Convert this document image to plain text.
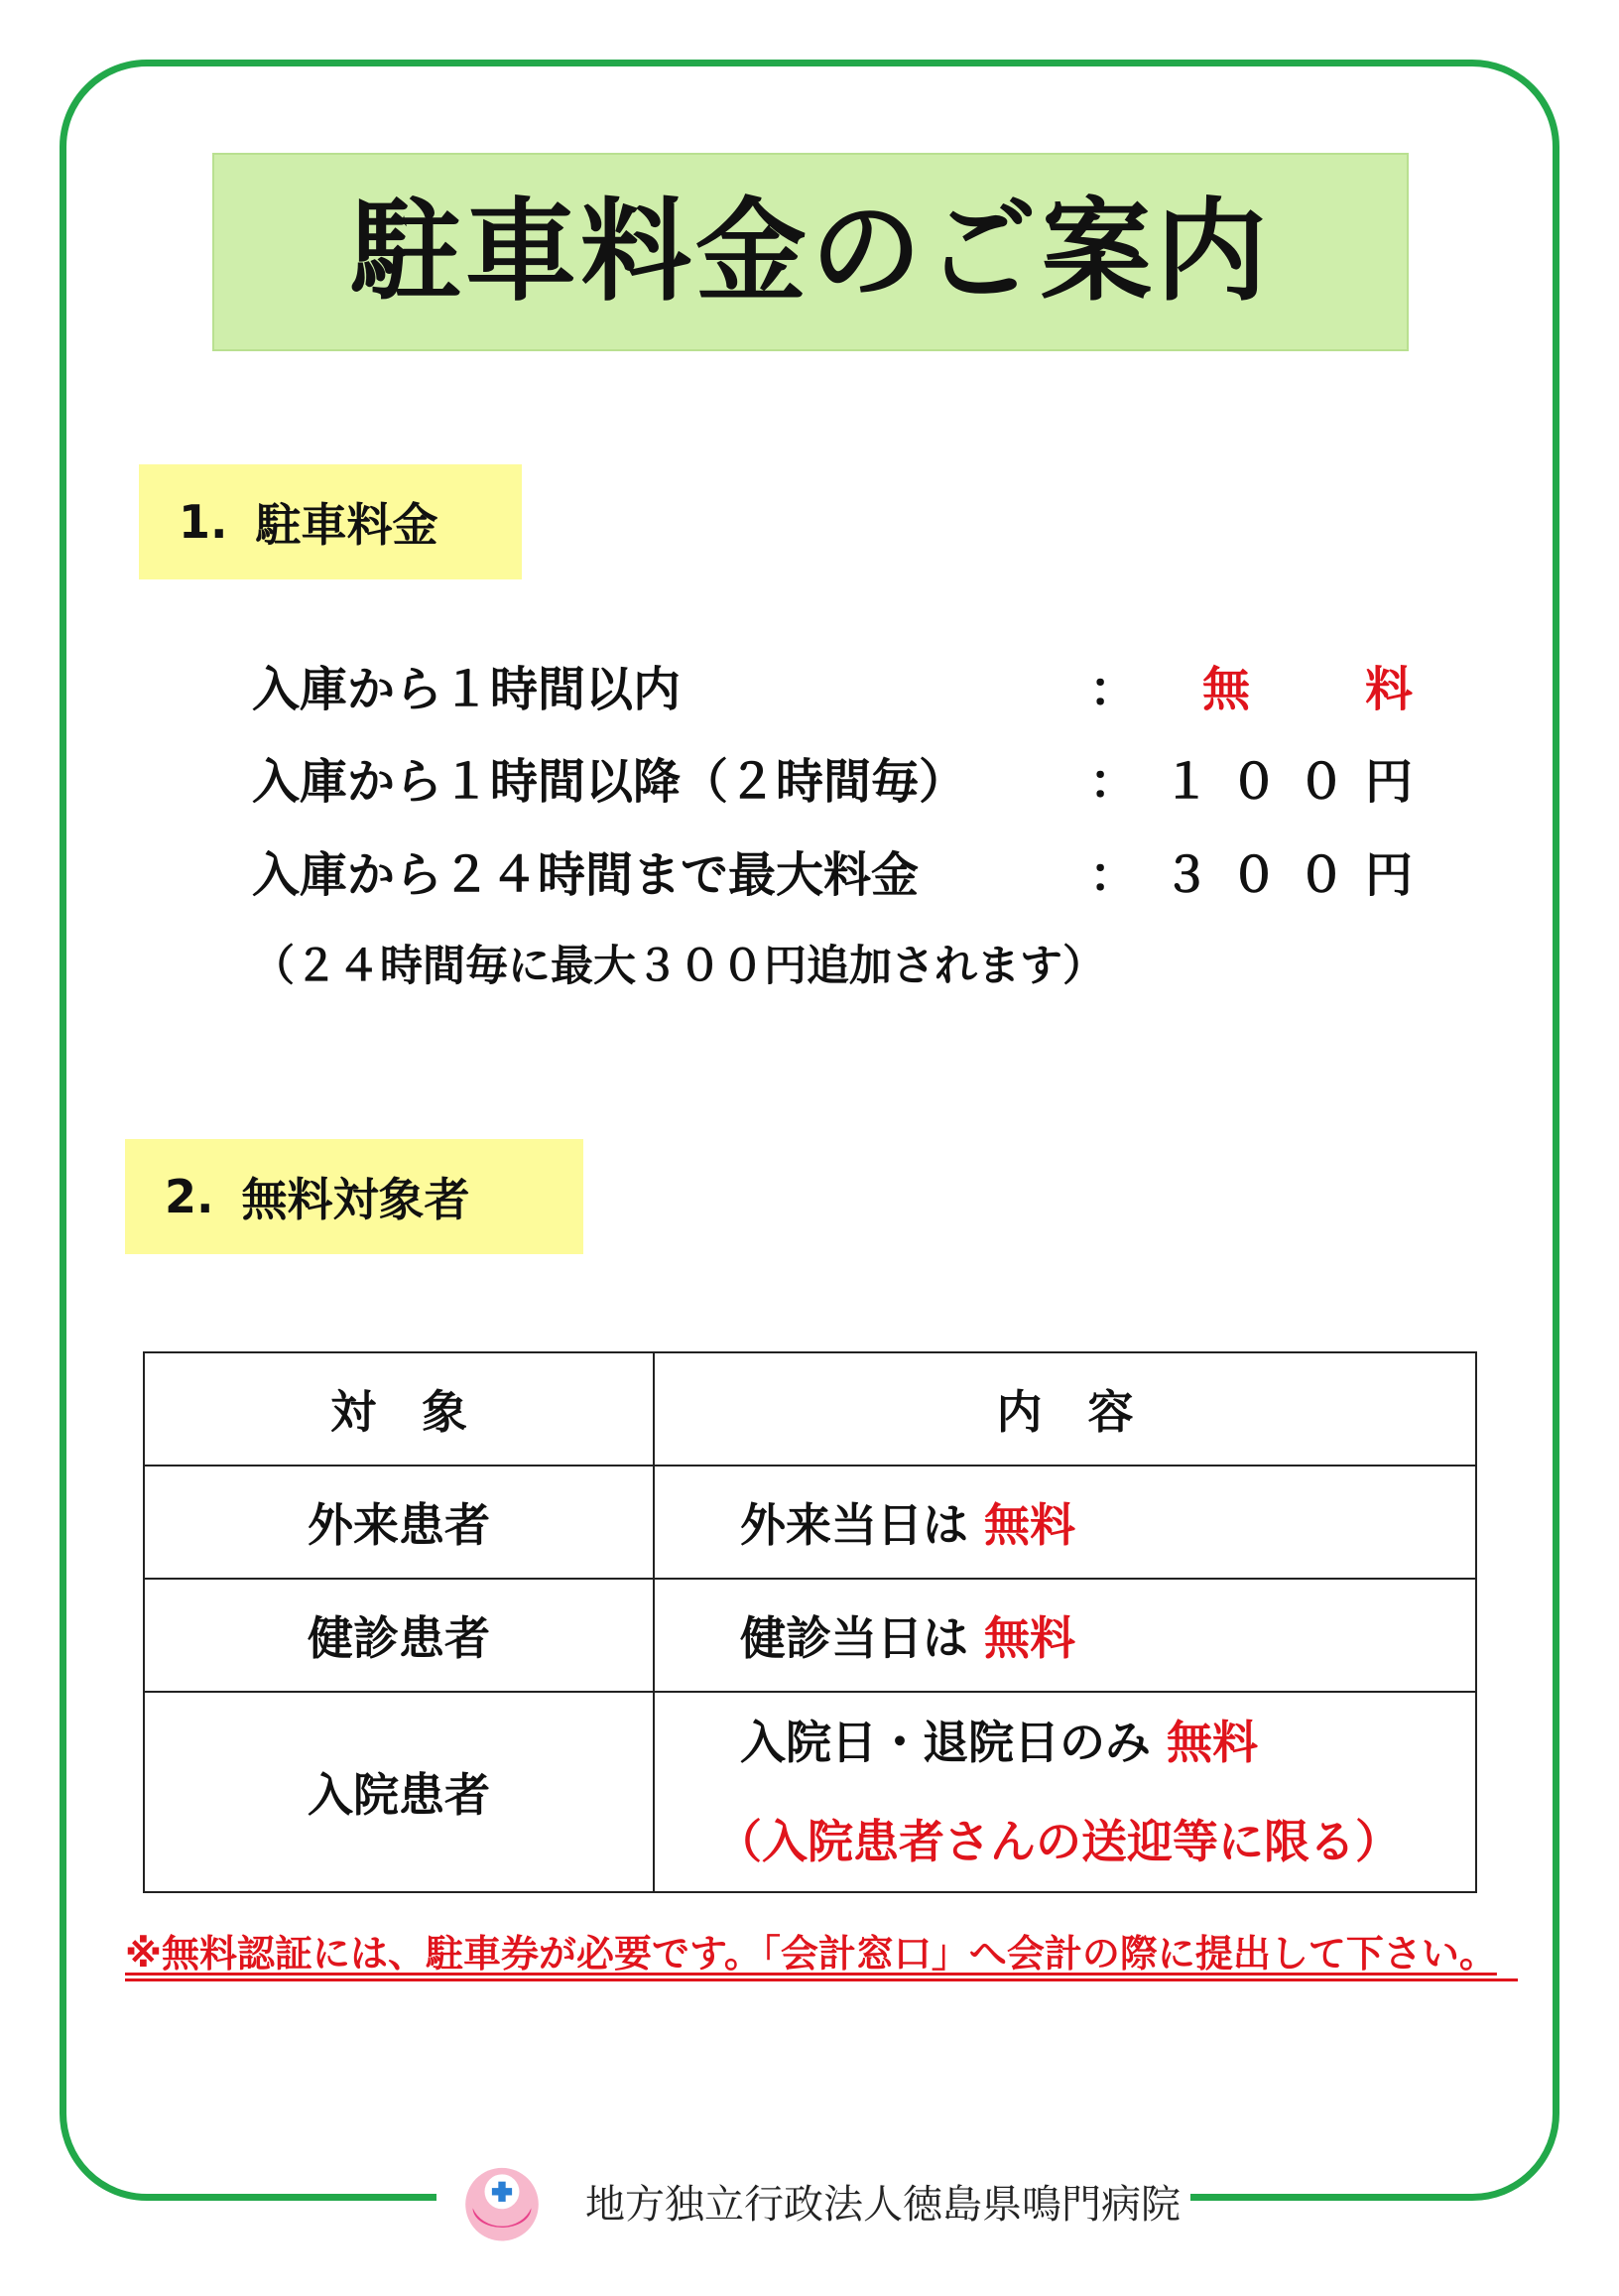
駐車料金のご案内
1. 駐車料金
入庫から１時間以内	： 無 料
入庫から１時間以降（２時間毎）	： １００円
入庫から２４時間まで最大料金	： ３００円
（２４時間毎に最大３００円追加されます）
2. 無料対象者
対　象	内　容
外来患者	外来当日は 無料
健診患者	健診当日は 無料
入院患者	入院日・退院日のみ 無料
（入院患者さんの送迎等に限る）
※無料認証には、駐車券が必要です。「会計窓口」へ会計の際に提出して下さい。
地方独立行政法人徳島県鳴門病院
